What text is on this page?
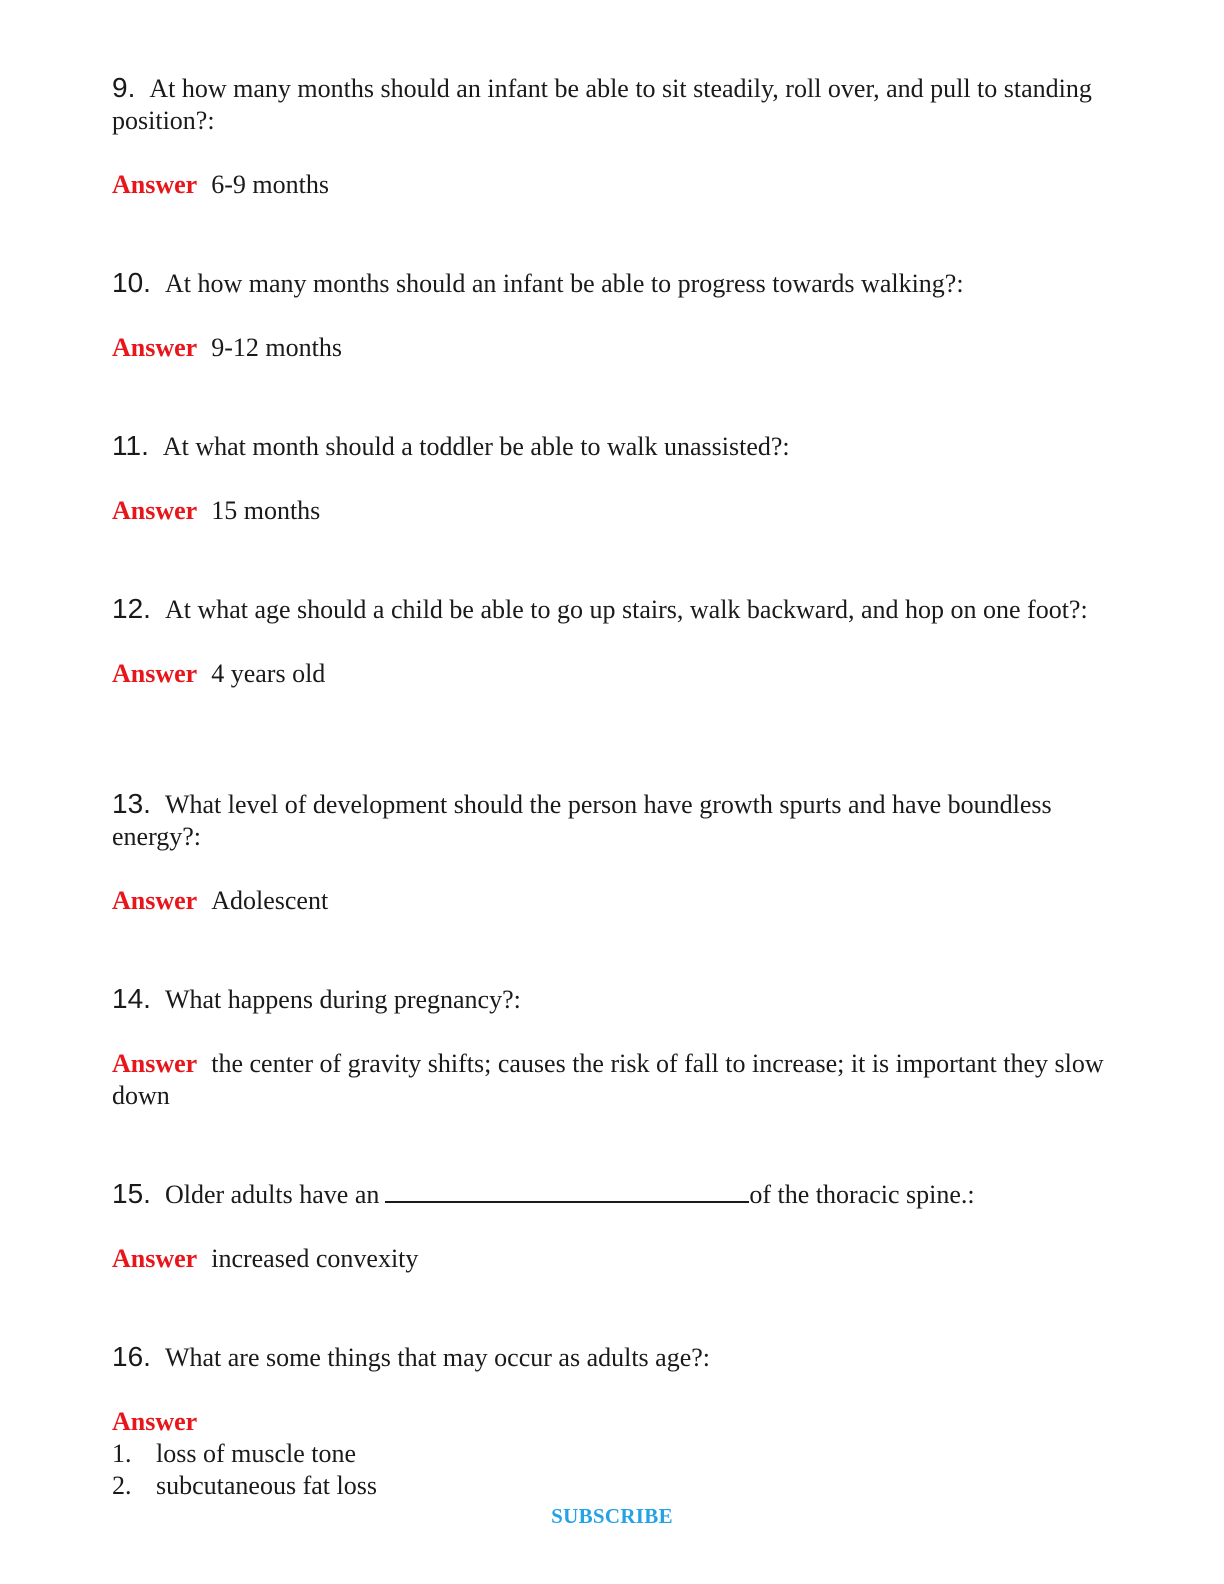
9. At how many months should an infant be able to sit steadily, roll over, and pull to standing position?:

Answer 6-9 months

10. At how many months should an infant be able to progress towards walking?:

Answer 9-12 months

11. At what month should a toddler be able to walk unassisted?:

Answer 15 months

12. At what age should a child be able to go up stairs, walk backward, and hop on one foot?:

Answer 4 years old

13. What level of development should the person have growth spurts and have boundless energy?:

Answer Adolescent

14. What happens during pregnancy?:

Answer the center of gravity shifts; causes the risk of fall to increase; it is important they slow down

15. Older adults have an	of the thoracic spine.:

Answer increased convexity

16. What are some things that may occur as adults age?:

Answer

1. loss of muscle tone
2. subcutaneous fat loss
SUBSCRIBE
